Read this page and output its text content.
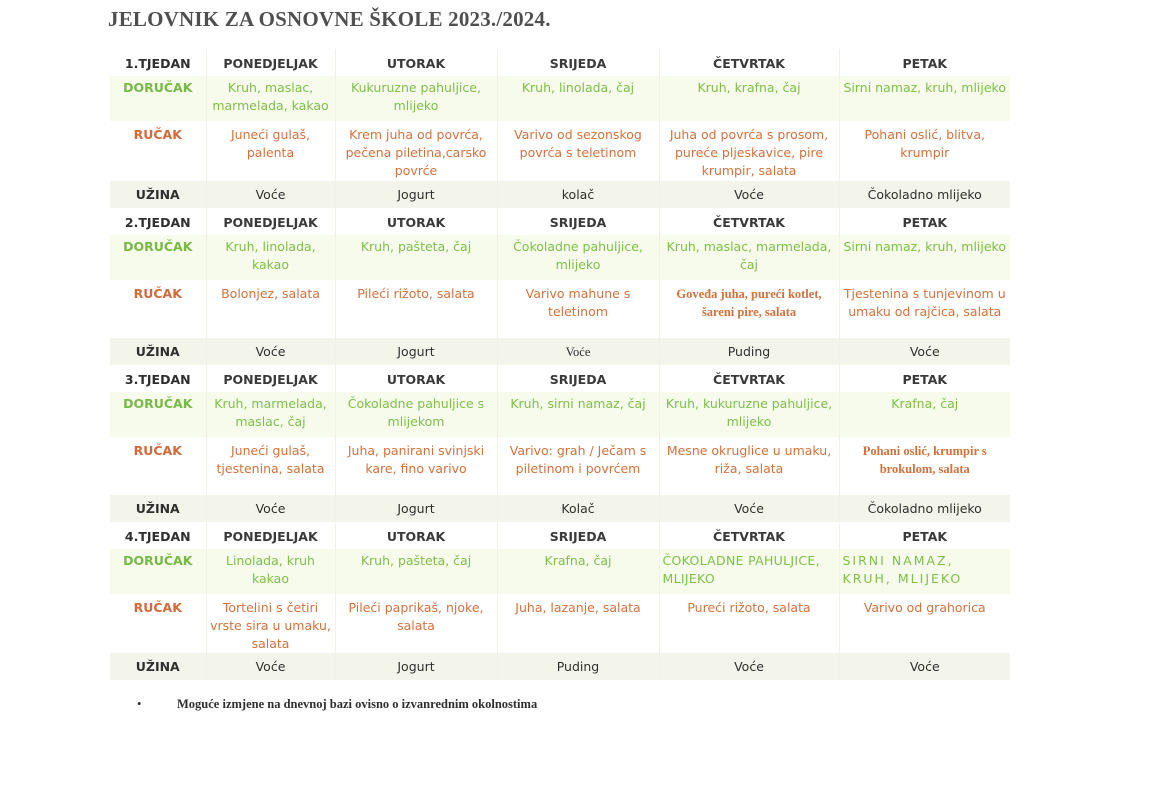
JELOVNIK ZA OSNOVNE ŠKOLE 2023./2024.
1.TJEDAN	PONEDJELJAK	UTORAK	SRIJEDA	ČETVRTAK	PETAK
DORUČAK	Kruh, maslac, marmelada, kakao	Kukuruzne pahuljice, mlijeko	Kruh, linolada, čaj	Kruh, krafna, čaj	Sirni namaz, kruh, mlijeko
RUČAK	Juneći gulaš, palenta	Krem juha od povrća, pečena piletina,carsko povrće	Varivo od sezonskog povrća s teletinom	Juha od povrća s prosom, pureće pljeskavice, pire krumpir, salata	Pohani oslić, blitva, krumpir
UŽINA	Voće	Jogurt	kolač	Voće	Čokoladno mlijeko
2.TJEDAN	PONEDJELJAK	UTORAK	SRIJEDA	ČETVRTAK	PETAK
DORUČAK	Kruh, linolada, kakao	Kruh, pašteta, čaj	Čokoladne pahuljice, mlijeko	Kruh, maslac, marmelada, čaj	Sirni namaz, kruh, mlijeko
RUČAK	Bolonjez, salata	Pileći rižoto, salata	Varivo mahune s teletinom	Goveđa juha, pureći kotlet, šareni pire, salata	Tjestenina s tunjevinom u umaku od rajčica, salata
UŽINA	Voće	Jogurt	Voće	Puding	Voće
3.TJEDAN	PONEDJELJAK	UTORAK	SRIJEDA	ČETVRTAK	PETAK
DORUČAK	Kruh, marmelada, maslac, čaj	Čokoladne pahuljice s mlijekom	Kruh, sirni namaz, čaj	Kruh, kukuruzne pahuljice, mlijeko	Krafna, čaj
RUČAK	Juneći gulaš, tjestenina, salata	Juha, panirani svinjski kare, fino varivo	Varivo: grah / Ječam s piletinom i povrćem	Mesne okruglice u umaku, riža, salata	Pohani oslić, krumpir s brokulom, salata
UŽINA	Voće	Jogurt	Kolač	Voće	Čokoladno mlijeko
4.TJEDAN	PONEDJELJAK	UTORAK	SRIJEDA	ČETVRTAK	PETAK
DORUČAK	Linolada, kruh kakao	Kruh, pašteta, čaj	Krafna, čaj	ČOKOLADNE PAHULJICE, MLIJEKO	SIRNI NAMAZ, KRUH, MLIJEKO
RUČAK	Tortelini s četiri vrste sira u umaku, salata	Pileći paprikaš, njoke, salata	Juha, lazanje, salata	Pureći rižoto, salata	Varivo od grahorica
UŽINA	Voće	Jogurt	Puding	Voće	Voće
•	Moguće izmjene na dnevnoj bazi ovisno o izvanrednim okolnostima
